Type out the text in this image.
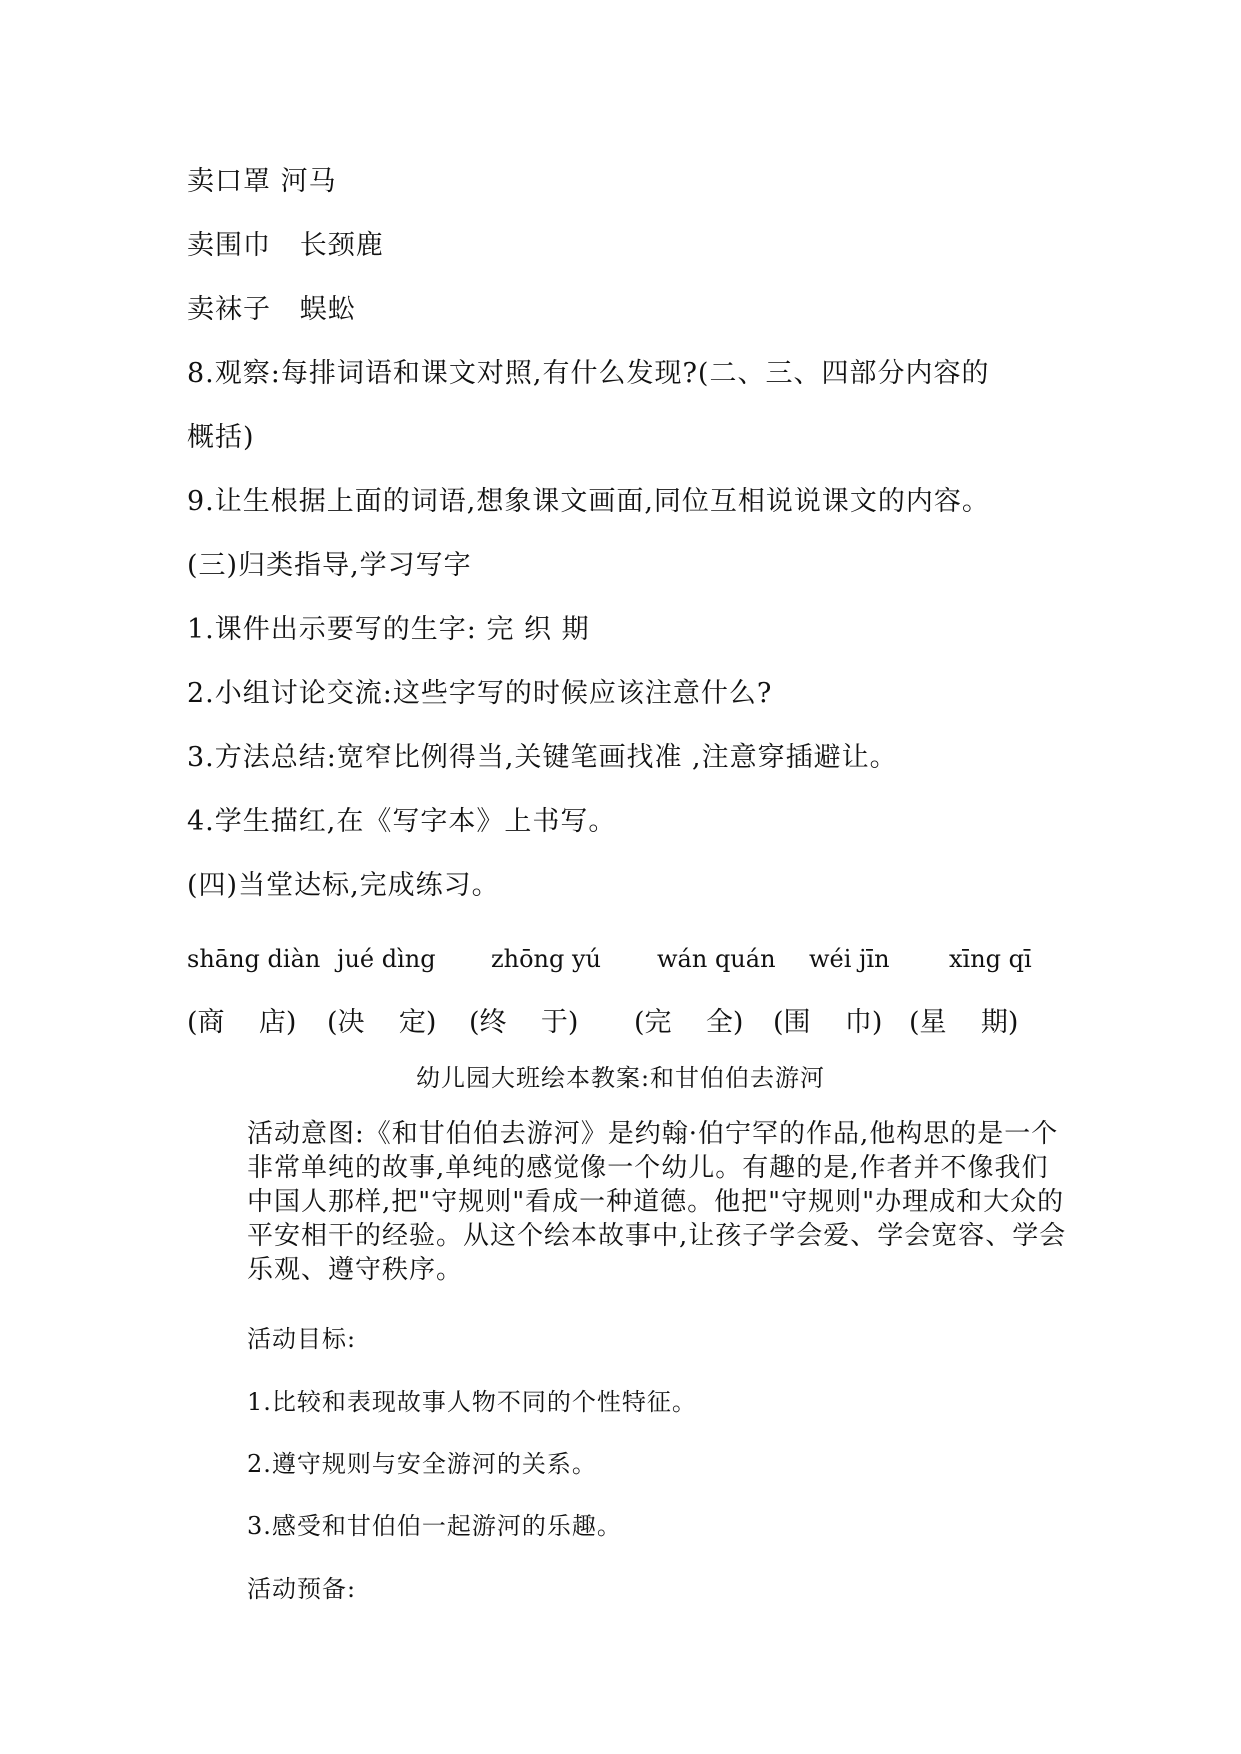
卖口罩 河马
卖围巾   长颈鹿
卖袜子   蜈蚣
8.观察:每排词语和课文对照,有什么发现?(二、三、四部分内容的
概括)
9.让生根据上面的词语,想象课文画面,同位互相说说课文的内容。
(三)归类指导,学习写字
1.课件出示要写的生字: 完 织 期
2.小组讨论交流:这些字写的时候应该注意什么?
3.方法总结:宽窄比例得当,关键笔画找准 ,注意穿插避让。
4.学生描红,在《写字本》上书写。
(四)当堂达标,完成练习。
shāng diàn jué dìng zhōng yú wán quán wéi jīn xīng qī
(商    店) (决    定) (终    于) (完    全) (围    巾) (星    期)
幼儿园大班绘本教案:和甘伯伯去游河
活动意图:《和甘伯伯去游河》是约翰·伯宁罕的作品,他构思的是一个非常单纯的故事,单纯的感觉像一个幼儿。有趣的是,作者并不像我们中国人那样,把"守规则"看成一种道德。他把"守规则"办理成和大众的平安相干的经验。从这个绘本故事中,让孩子学会爱、学会宽容、学会乐观、遵守秩序。
活动目标:
1.比较和表现故事人物不同的个性特征。
2.遵守规则与安全游河的关系。
3.感受和甘伯伯一起游河的乐趣。
活动预备:
